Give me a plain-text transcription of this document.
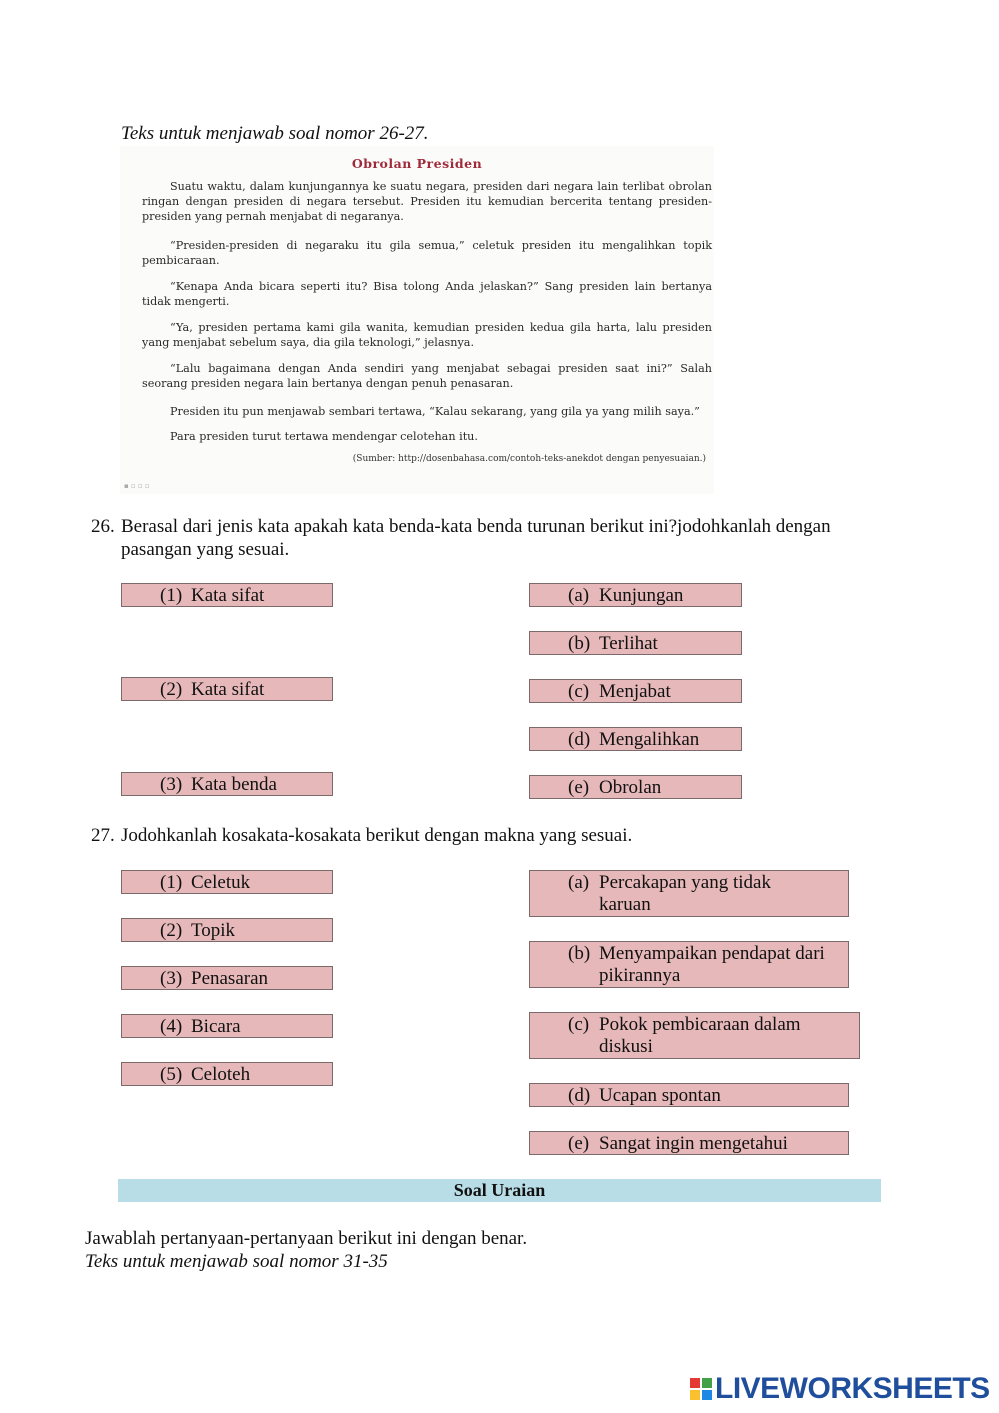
Teks untuk menjawab soal nomor 26-27.
Obrolan Presiden
Suatu waktu, dalam kunjungannya ke suatu negara, presiden dari negara lain terlibat obrolan ringan dengan presiden di negara tersebut. Presiden itu kemudian bercerita tentang presiden-presiden yang pernah menjabat di negaranya.
“Presiden-presiden di negaraku itu gila semua,” celetuk presiden itu mengalihkan topik pembicaraan.
“Kenapa Anda bicara seperti itu? Bisa tolong Anda jelaskan?” Sang presiden lain bertanya tidak mengerti.
“Ya, presiden pertama kami gila wanita, kemudian presiden kedua gila harta, lalu presiden yang menjabat sebelum saya, dia gila teknologi,” jelasnya.
“Lalu bagaimana dengan Anda sendiri yang menjabat sebagai presiden saat ini?” Salah seorang presiden negara lain bertanya dengan penuh penasaran.
Presiden itu pun menjawab sembari tertawa, “Kalau sekarang, yang gila ya yang milih saya.”
Para presiden turut tertawa mendengar celotehan itu.
(Sumber: http://dosenbahasa.com/contoh-teks-anekdot dengan penyesuaian.)
▪ ▫ ▫ ▫
26. Berasal dari jenis kata apakah kata benda-kata benda turunan berikut ini?jodohkanlah dengan pasangan yang sesuai.
(1) Kata sifat
(2) Kata sifat
(3) Kata benda
(a) Kunjungan
(b) Terlihat
(c) Menjabat
(d) Mengalihkan
(e) Obrolan
27. Jodohkanlah kosakata-kosakata berikut dengan makna yang sesuai.
(1) Celetuk
(2) Topik
(3) Penasaran
(4) Bicara
(5) Celoteh
(a) Percakapan yang tidak karuan
(b) Menyampaikan pendapat dari pikirannya
(c) Pokok pembicaraan dalam diskusi
(d) Ucapan spontan
(e) Sangat ingin mengetahui
Soal Uraian
Jawablah pertanyaan-pertanyaan berikut ini dengan benar.
Teks untuk menjawab soal nomor 31-35
LIVEWORKSHEETS
